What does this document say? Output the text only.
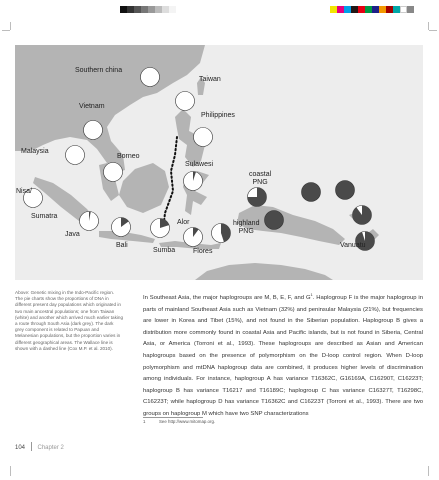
Southern china
Taiwan
Vietnam
Philippines
Malaysia
Borneo
Sulawesi
coastal
PNG
Nisa/
Sumatra
Java
Bali
Alor	highland
PNG
Sumba	Flores
Vanuatu
Above: Genetic mixing in the Indo-Pacific region. The pie charts show the proportions of DNA in different present day populations which originated in two main ancestral populations; one from Taiwan (white) and another which arrived much earlier taking a route through South Asia (dark grey). The dark grey component is related to Papuan and Melanesian populations, but the proportion varies in different geographical areas. The Wallace line is shown with a dashed line (Cox M.P. et al. 2010).
In Southeast Asia, the major haplogroups are M, B, E, F, and $G^1$. Haplogroup F is the major haplogroup in parts of mainland Southeast Asia such as Vietnam (32%) and peninsular Malaysia (21%), but frequencies are lower in Korea and Tibet (15%), and not found in the Siberian population. Haplogroup B gives a distribution more commonly found in coastal Asia and Pacific islands, but is not found in Siberia, Central Asia, or America (Torroni et al., 1993). These haplogroups are described as Asian and American haplogroups based on the presence of polymorphism on the D-loop control region. When D-loop polymorphism and mtDNA haplogroup data are combined, it produces higher levels of discrimination among individuals. For instance, haplogroup A has variance T16362C, G16169A, C16290T, C16223T; haplogroup B has variance T16217 and T16189C; haplogroup C has variance C16327T, T16298C, C16223T; while haplogroup D has variance T16362C and C16223T (Torroni et al., 1993). There are two groups on haplogroup M which have two SNP characterizations
1	See http://www.mitomap.org.
104 Chapter 2
